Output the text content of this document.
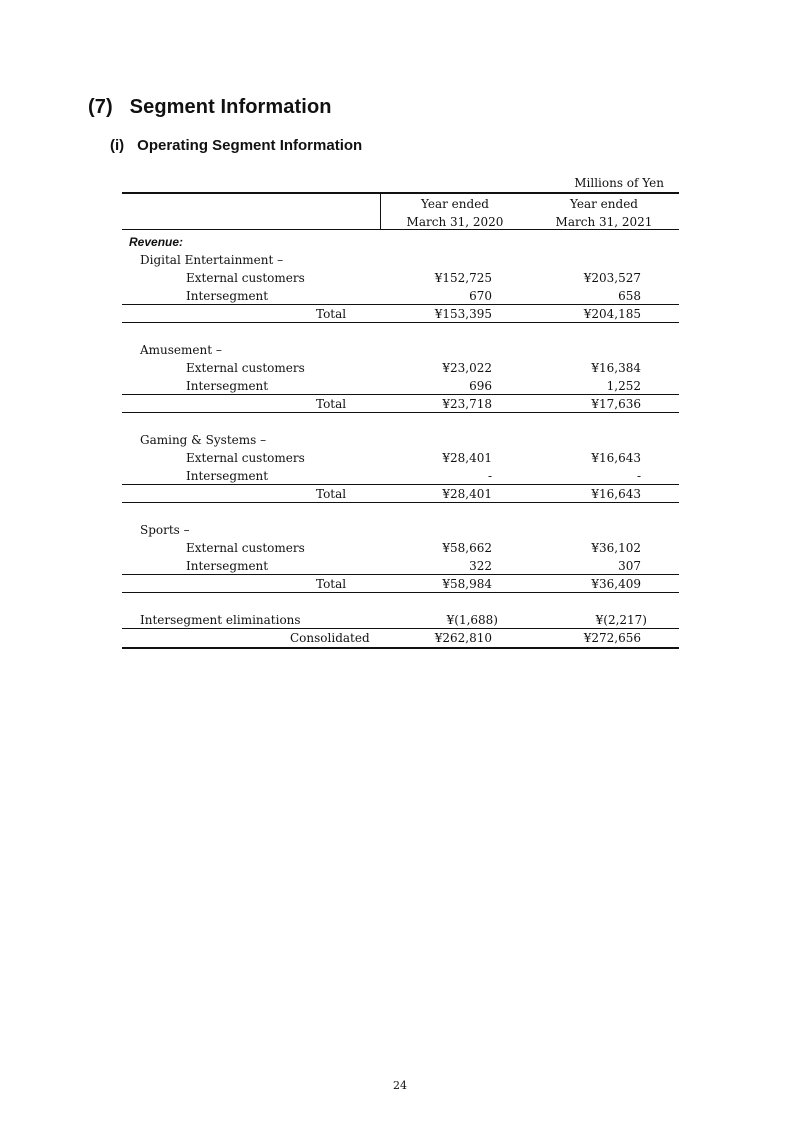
(7) Segment Information
(i) Operating Segment Information
Millions of Yen
Year ended
March 31, 2020
Year ended
March 31, 2021
Revenue:
Digital Entertainment –
External customers	¥152,725	¥203,527
Intersegment	670	658
Total	¥153,395	¥204,185
Amusement –
External customers	¥23,022	¥16,384
Intersegment	696	1,252
Total	¥23,718	¥17,636
Gaming & Systems –
External customers	¥28,401	¥16,643
Intersegment	-	-
Total	¥28,401	¥16,643
Sports –
External customers	¥58,662	¥36,102
Intersegment	322	307
Total	¥58,984	¥36,409
Intersegment eliminations	¥(1,688)	¥(2,217)
Consolidated	¥262,810	¥272,656
24
